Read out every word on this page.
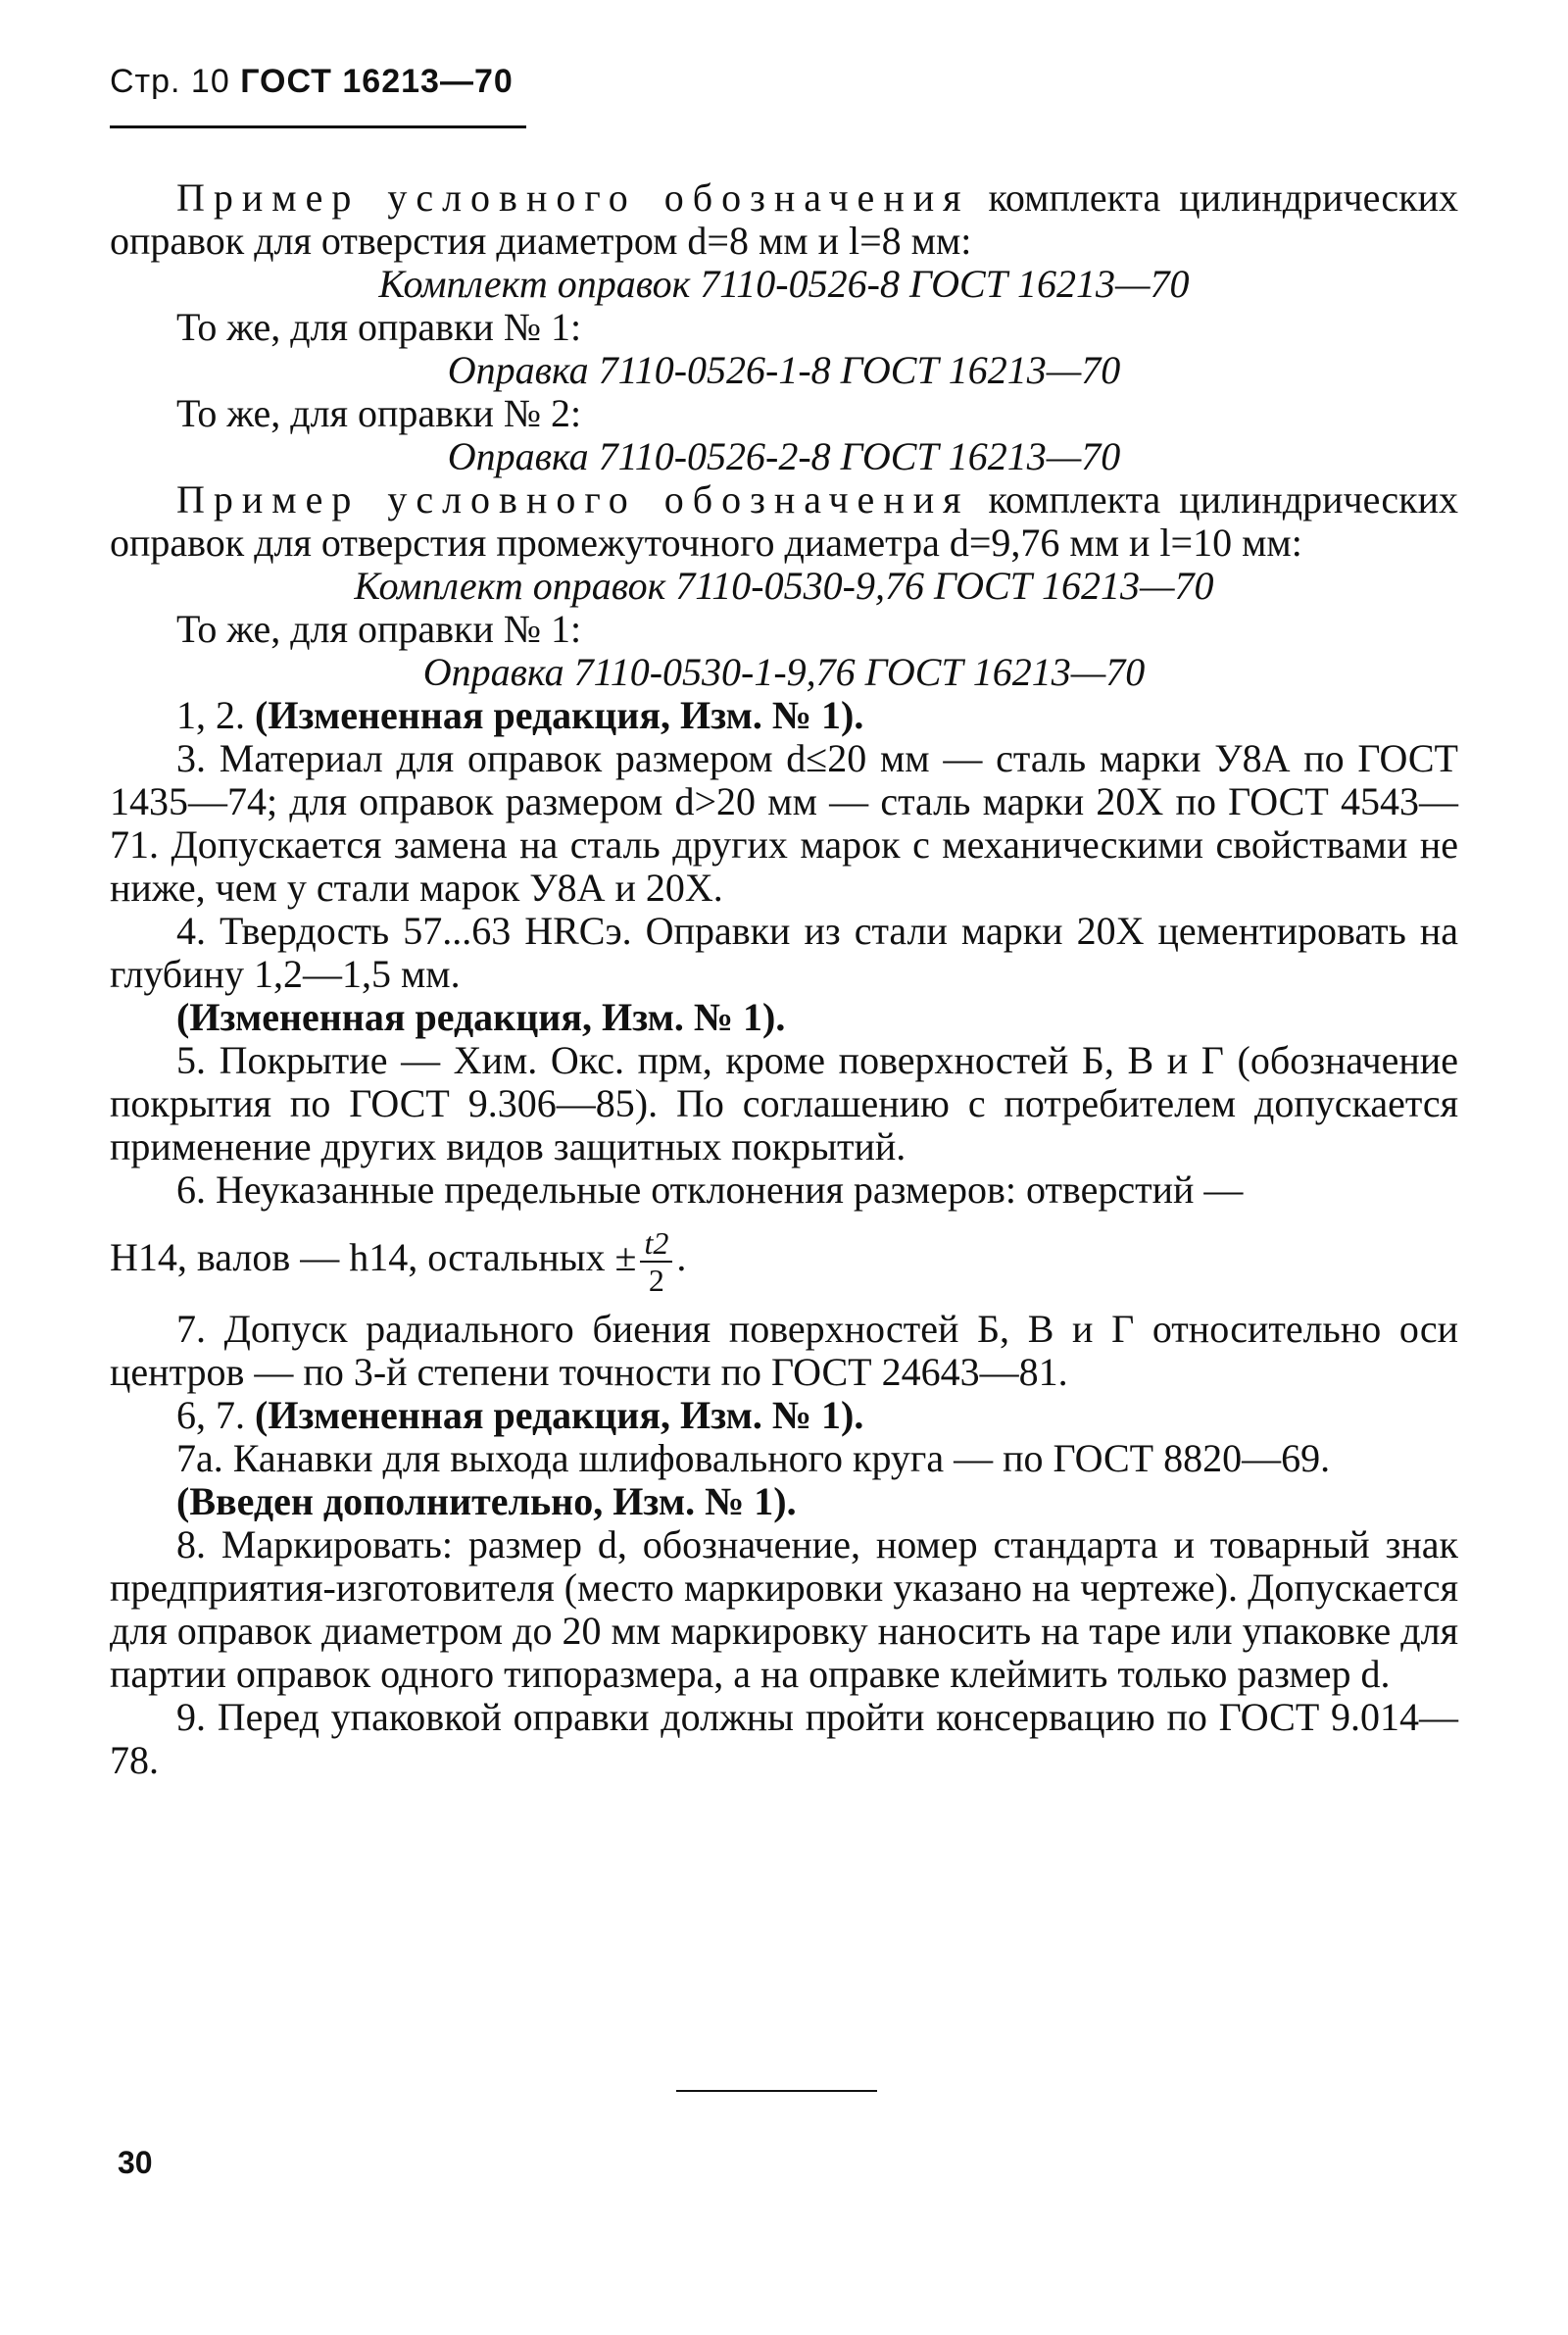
Стр. 10 ГОСТ 16213—70

Пример условного обозначения комплекта цилиндрических оправок для отверстия диаметром d=8 мм и l=8 мм:

Комплект оправок 7110-0526-8 ГОСТ 16213—70

То же, для оправки № 1:

Оправка 7110-0526-1-8 ГОСТ 16213—70

То же, для оправки № 2:

Оправка 7110-0526-2-8 ГОСТ 16213—70

Пример условного обозначения комплекта цилиндрических оправок для отверстия промежуточного диаметра d=9,76 мм и l=10 мм:

Комплект оправок 7110-0530-9,76 ГОСТ 16213—70

То же, для оправки № 1:

Оправка 7110-0530-1-9,76 ГОСТ 16213—70

1, 2. (Измененная редакция, Изм. № 1).

3. Материал для оправок размером d≤20 мм — сталь марки У8А по ГОСТ 1435—74; для оправок размером d>20 мм — сталь марки 20Х по ГОСТ 4543—71. Допускается замена на сталь других марок с механическими свойствами не ниже, чем у стали марок У8А и 20Х.

4. Твердость 57...63 HRCэ. Оправки из стали марки 20Х цементировать на глубину 1,2—1,5 мм.

(Измененная редакция, Изм. № 1).

5. Покрытие — Хим. Окс. прм, кроме поверхностей Б, В и Г (обозначение покрытия по ГОСТ 9.306—85). По соглашению с потребителем допускается применение других видов защитных покрытий.

6. Неуказанные предельные отклонения размеров: отверстий —

H14, валов — h14, остальных ± $\frac{t2}{2}$ .

7. Допуск радиального биения поверхностей Б, В и Г относительно оси центров — по 3-й степени точности по ГОСТ 24643—81.

6, 7. (Измененная редакция, Изм. № 1).

7а. Канавки для выхода шлифовального круга — по ГОСТ 8820—69.

(Введен дополнительно, Изм. № 1).

8. Маркировать: размер d, обозначение, номер стандарта и товарный знак предприятия-изготовителя (место маркировки указано на чертеже). Допускается для оправок диаметром до 20 мм маркировку наносить на таре или упаковке для партии оправок одного типоразмера, а на оправке клеймить только размер d.

9. Перед упаковкой оправки должны пройти консервацию по ГОСТ 9.014—78.

30
